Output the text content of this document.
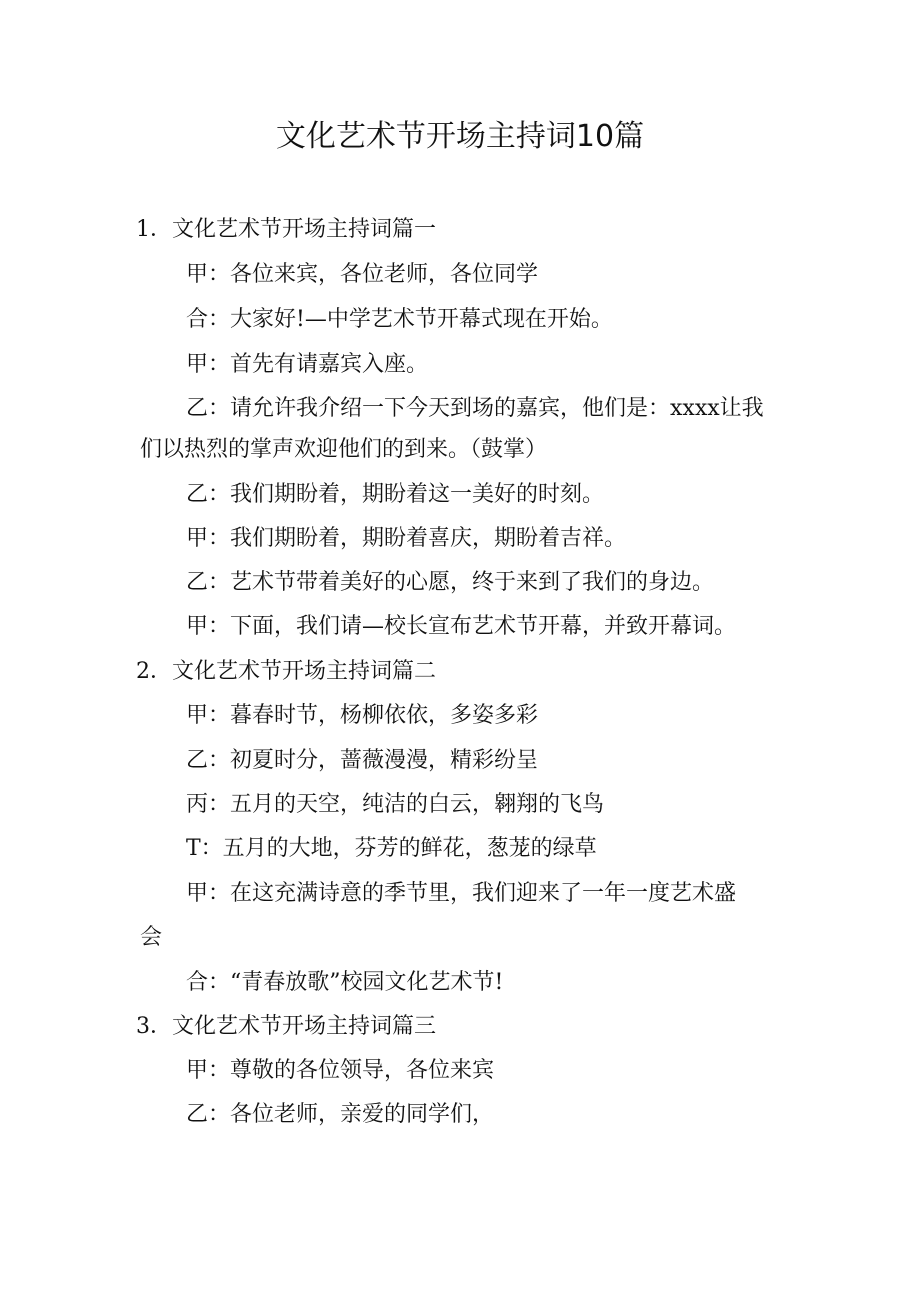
文化艺术节开场主持词10篇
1．文化艺术节开场主持词篇一
甲：各位来宾，各位老师，各位同学
合：大家好!—中学艺术节开幕式现在开始。
甲：首先有请嘉宾入座。
乙：请允许我介绍一下今天到场的嘉宾，他们是：xxxx让我
们以热烈的掌声欢迎他们的到来。（鼓掌）
乙：我们期盼着，期盼着这一美好的时刻。
甲：我们期盼着，期盼着喜庆，期盼着吉祥。
乙：艺术节带着美好的心愿，终于来到了我们的身边。
甲：下面，我们请—校长宣布艺术节开幕，并致开幕词。
2．文化艺术节开场主持词篇二
甲：暮春时节，杨柳依依，多姿多彩
乙：初夏时分，蔷薇漫漫，精彩纷呈
丙：五月的天空，纯洁的白云，翱翔的飞鸟
T：五月的大地，芬芳的鲜花，葱茏的绿草
甲：在这充满诗意的季节里，我们迎来了一年一度艺术盛
会
合：“青春放歌”校园文化艺术节!
3．文化艺术节开场主持词篇三
甲：尊敬的各位领导，各位来宾
乙：各位老师，亲爱的同学们，
